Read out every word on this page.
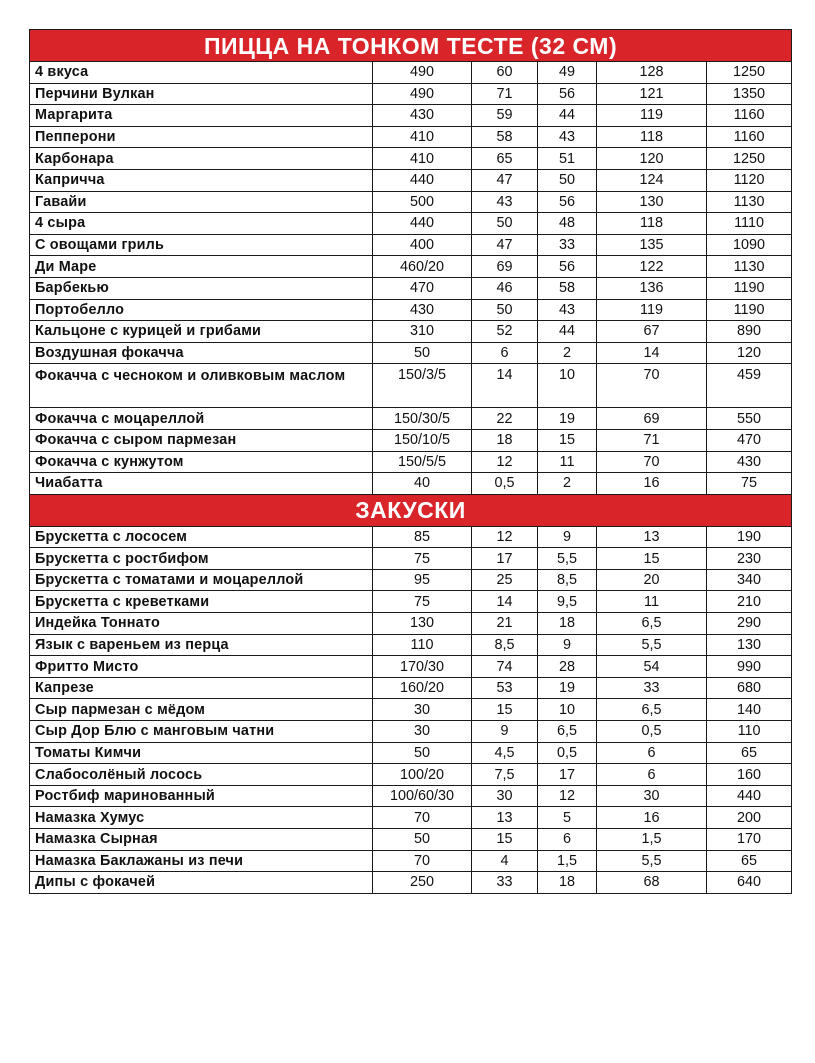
ПИЦЦА НА ТОНКОМ ТЕСТЕ (32 СМ)					
4 вкуса	490	60	49	128	1250
Перчини Вулкан	490	71	56	121	1350
Маргарита	430	59	44	119	1160
Пепперони	410	58	43	118	1160
Карбонара	410	65	51	120	1250
Капричча	440	47	50	124	1120
Гавайи	500	43	56	130	1130
4 сыра	440	50	48	118	1110
С овощами гриль	400	47	33	135	1090
Ди Маре	460/20	69	56	122	1130
Барбекью	470	46	58	136	1190
Портобелло	430	50	43	119	1190
Кальцоне с курицей и грибами	310	52	44	67	890
Воздушная фокачча	50	6	2	14	120
Фокачча с чесноком и оливковым маслом	150/3/5	14	10	70	459
Фокачча с моцареллой	150/30/5	22	19	69	550
Фокачча с сыром пармезан	150/10/5	18	15	71	470
Фокачча с кунжутом	150/5/5	12	11	70	430
Чиабатта	40	0,5	2	16	75
ЗАКУСКИ					
Брускетта с лососем	85	12	9	13	190
Брускетта с ростбифом	75	17	5,5	15	230
Брускетта с томатами и моцареллой	95	25	8,5	20	340
Брускетта с креветками	75	14	9,5	11	210
Индейка Тоннато	130	21	18	6,5	290
Язык с вареньем из перца	110	8,5	9	5,5	130
Фритто Мисто	170/30	74	28	54	990
Капрезе	160/20	53	19	33	680
Сыр пармезан с мёдом	30	15	10	6,5	140
Сыр Дор Блю с манговым чатни	30	9	6,5	0,5	110
Томаты Кимчи	50	4,5	0,5	6	65
Слабосолёный лосось	100/20	7,5	17	6	160
Ростбиф маринованный	100/60/30	30	12	30	440
Намазка Хумус	70	13	5	16	200
Намазка Сырная	50	15	6	1,5	170
Намазка Баклажаны из печи	70	4	1,5	5,5	65
Дипы с фокачей	250	33	18	68	640
